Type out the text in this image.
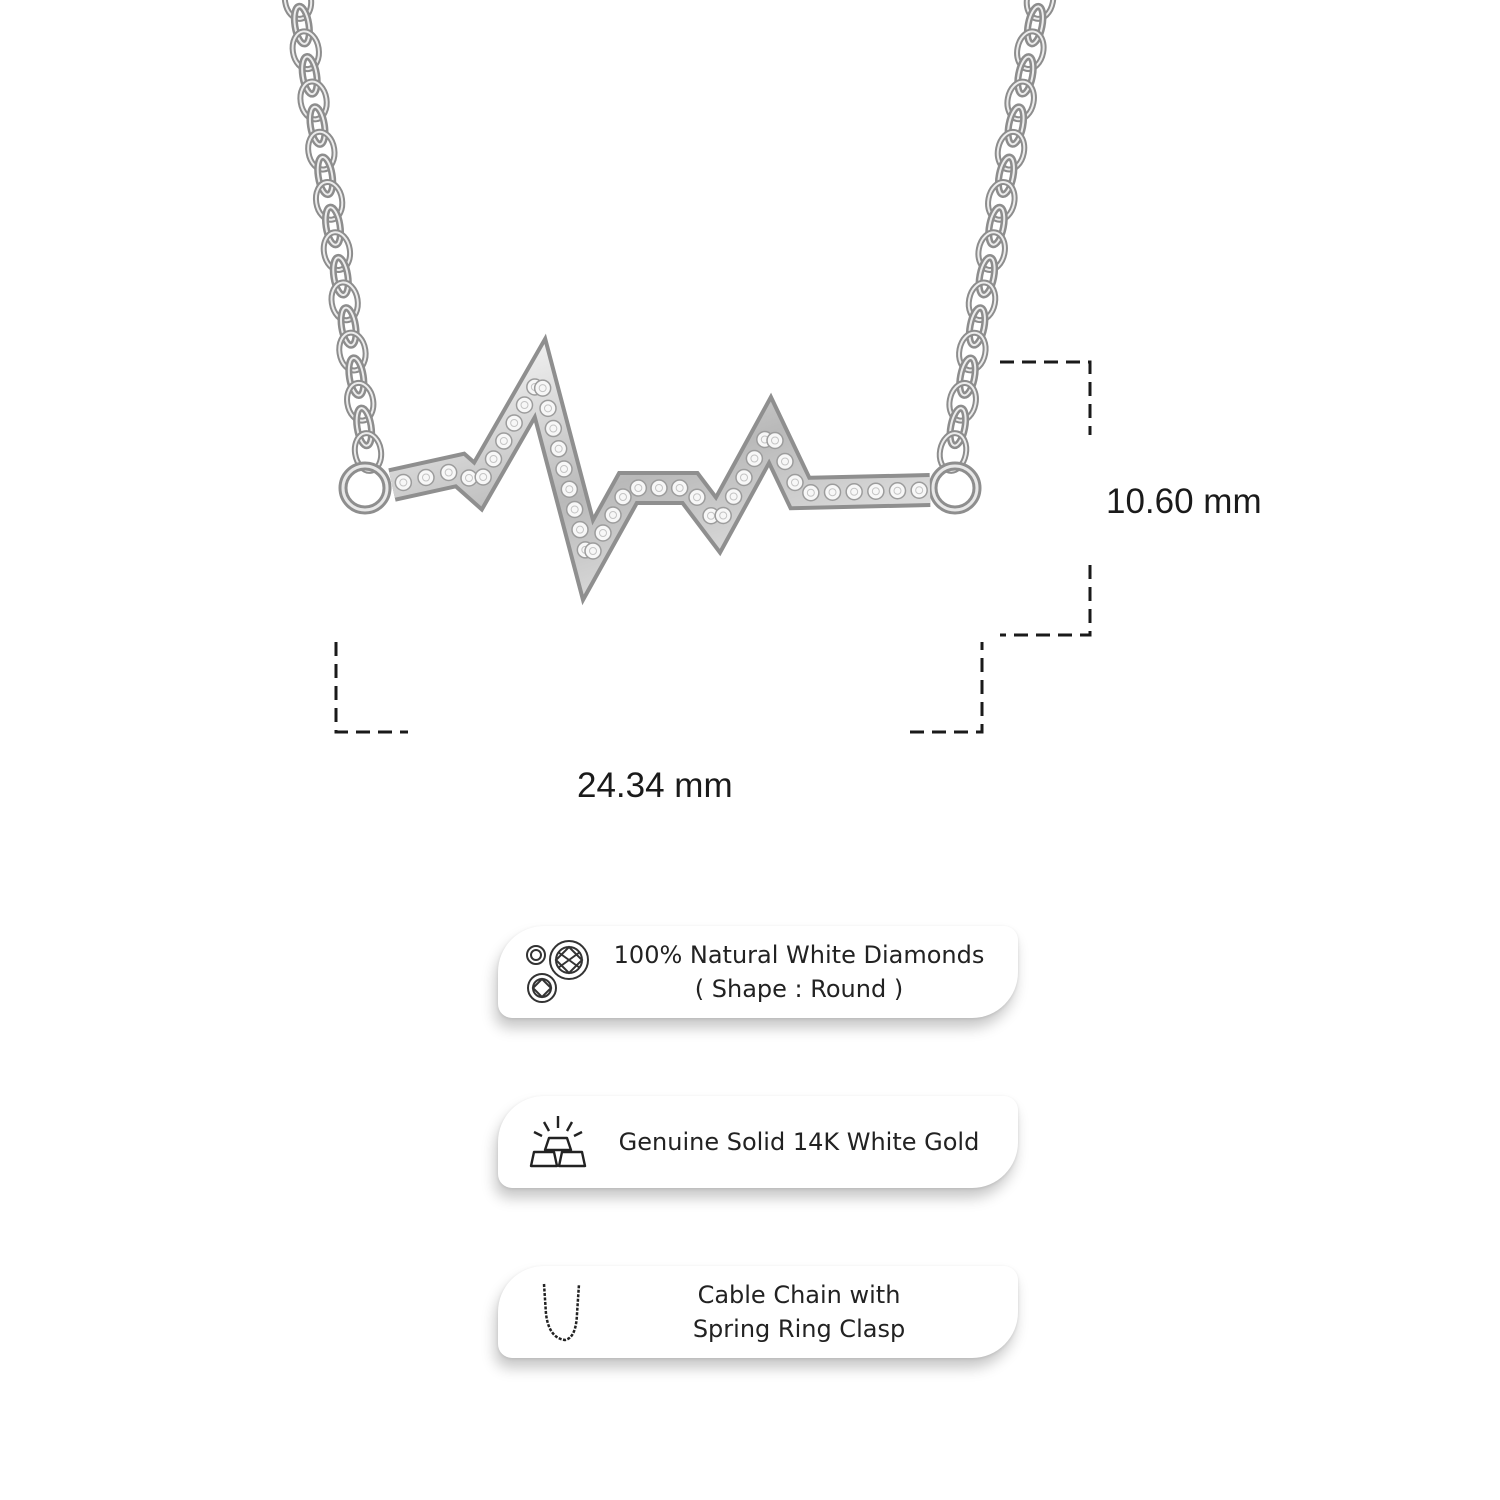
10.60 mm
24.34 mm
100% Natural White Diamonds
( Shape : Round )
Genuine Solid 14K White Gold
Cable Chain with
Spring Ring Clasp
